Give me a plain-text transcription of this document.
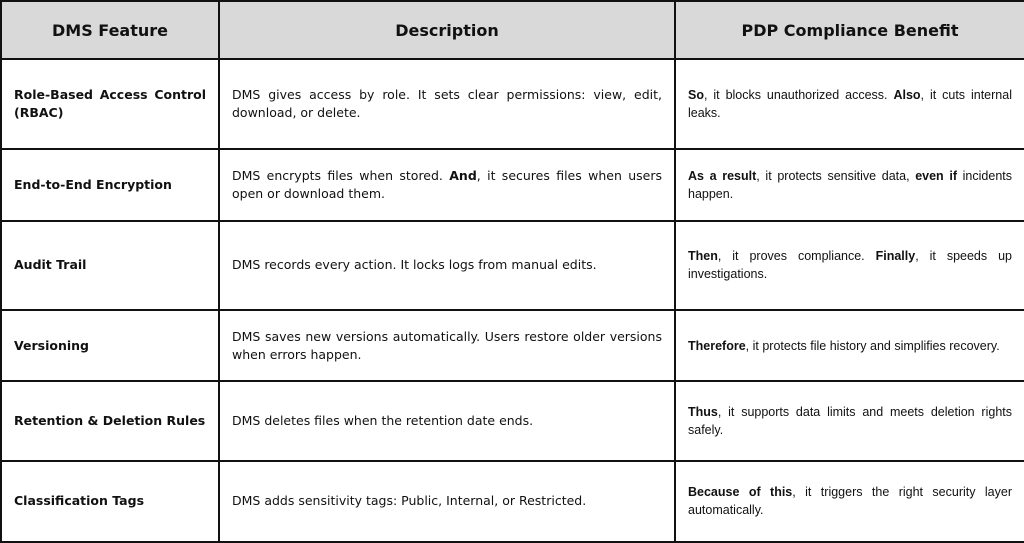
DMS Feature	Description	PDP Compliance Benefit
Role-Based Access Control (RBAC)	DMS gives access by role. It sets clear permissions: view, edit, download, or delete.	So, it blocks unauthorized access. Also, it cuts internal leaks.
End-to-End Encryption	DMS encrypts files when stored. And, it secures files when users open or download them.	As a result, it protects sensitive data, even if incidents happen.
Audit Trail	DMS records every action. It locks logs from manual edits.	Then, it proves compliance. Finally, it speeds up investigations.
Versioning	DMS saves new versions automatically. Users restore older versions when errors happen.	Therefore, it protects file history and simplifies recovery.
Retention & Deletion Rules	DMS deletes files when the retention date ends.	Thus, it supports data limits and meets deletion rights safely.
Classification Tags	DMS adds sensitivity tags: Public, Internal, or Restricted.	Because of this, it triggers the right security layer automatically.
